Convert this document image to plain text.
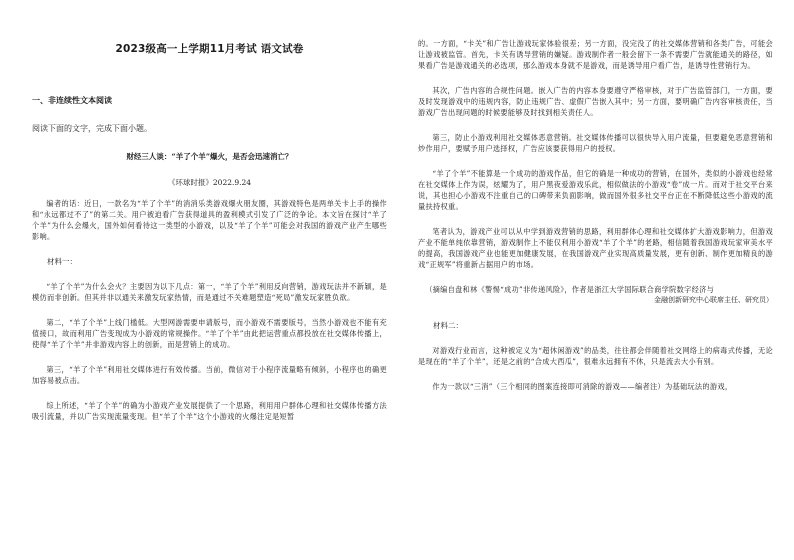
2023级高一上学期11月考试 语文试卷
一、非连续性文本阅读
阅读下面的文字，完成下面小题。
财经三人谈：“羊了个羊”爆火，是否会迅速消亡？
《环球时报》2022.9.24

编者的话：近日，一款名为“羊了个羊”的消消乐类游戏爆火朋友圈，其游戏特色是两单关卡上手的操作和“永远都过不了”的第二关。用户被迫看广告获得道具的盈利模式引发了广泛的争论。本文旨在探讨“羊了个羊”为什么会爆火，国外如何看待这一类型的小游戏，以及“羊了个羊”可能会对我国的游戏产业产生哪些影响。

材料一：

“羊了个羊”为什么会火？主要因为以下几点：第一，“羊了个羊”利用反向营销，游戏玩法并不新颖，是模仿而非创新。但其并非以通关来激发玩家热情，而是通过不关难题塑造“死局”激发玩家胜负欲。

第二，“羊了个羊”上线门槛低。大型网游需要申请版号，而小游戏不需要版号，当然小游戏也不能有充值接口，故而利用广告变现成为小游戏的常规操作。“羊了个羊”由此把运营重点都投放在社交媒体传播上，使得“羊了个羊”并非游戏内容上的创新，而是营销上的成功。

第三，“羊了个羊”利用社交媒体进行有效传播。当前，微信对于小程序流量略有倾斜，小程序也的确更加容易被点击。

综上所述，“羊了个羊”的确为小游戏产业发展提供了一个思路，利用用户群体心理和社交媒体传播方法吸引流量，并以广告实现流量变现。但“羊了个羊”这个小游戏的火爆注定是短暂

的。一方面，“卡关”和广告让游戏玩家体验很差；另一方面，没完没了的社交媒体营销和各类广告，可能会让游戏被监管。首先，卡关有诱导营销的嫌疑。游戏制作者一般会留下一条不需要广告就能通关的路径，如果看广告是游戏通关的必选项，那么游戏本身就不是游戏，而是诱导用户看广告，是诱导性营销行为。

其次，广告内容的合规性问题。嵌入广告的内容本身要遵守严格审核，对于广告监管部门，一方面，要及时发现游戏中的违规内容，防止违规广告、虚假广告嵌入其中；另一方面，要明确广告内容审核责任，当游戏广告出现问题的时候要能够及时找到相关责任人。

第三，防止小游戏利用社交媒体恶意营销。社交媒体传播可以很快导入用户流量，但要避免恶意营销和炒作用户，要赋予用户选择权，广告应该要获得用户的授权。

“羊了个羊”不能算是一个成功的游戏作品，但它的确是一种成功的营销，在国外，类似的小游戏也经常在社交媒体上作为误，炫耀为了，用户黑夜爱游戏乐此，相似做法的小游戏“卷”成一片。而对于社交平台来说，其也担心小游戏不注重自己的口碑带来负面影响，做而国外很多社交平台正在不断降低这些小游戏的流量扶持权重。

笔者认为，游戏产业可以从中学到游戏营销的思路，利用群体心理和社交媒体扩大游戏影响力，但游戏产业不能单纯依靠营销，游戏制作上不能仅利用小游戏“羊了个羊”的老路，相信随着我国游戏玩家审美水平的提高，我国游戏产业也能更加健康发展，在我国游戏产业实现高质量发展，更有创新、制作更加精良的游戏“正规军”将重新占据用户的市场。

（摘编自盘和林《警惕“成功”非传递风险》，作者是浙江大学国际联合商学院数字经济与

金融创新研究中心联席主任、研究员）

材料二：

对游戏行业而言，这种被定义为“超休闲游戏”的品类，往往都会伴随着社交网络上的病毒式传播，无论是现在的“羊了个羊”，还是之前的“合成大西瓜”，很难永远拥有不休，只是流去大小有别。

作为一款以“三消”（三个相同的图案连接即可消除的游戏——编者注）为基础玩法的游戏，
